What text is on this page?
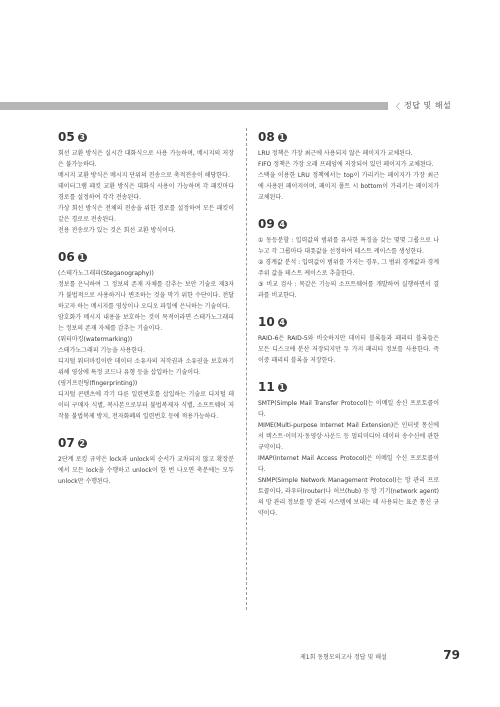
〈 정답 및 해설
05 3
회선 교환 방식은 실시간 대화식으로 사용 가능하며, 메시지의 저장은 불가능하다.
메시지 교환 방식은 메시지 단위의 전송으로 축적전송이 해당한다.
데이터그램 패킷 교환 방식은 대화식 사용이 가능하며 각 패킷마다 경로를 설정하여 각각 전송된다.
가상 회선 방식은 전체의 전송을 위한 경로를 설정하여 모든 패킷이 같은 경로로 전송된다.
전용 전송로가 있는 것은 회선 교환 방식이다.
06 1
(스테가노그래피(Steganography))
정보를 은닉하여 그 정보의 존재 자체를 감추는 보안 기술로 제3자가 불법적으로 사용하거나 변조하는 것을 막기 위한 수단이다. 전달하고자 하는 메시지를 영상이나 오디오 파일에 은닉하는 기술이다.
암호화가 메시지 내용을 보호하는 것이 목적이라면 스테가노그래피는 정보의 존재 자체를 감추는 기술이다.
(워터마킹(watermarking))
스테가노그래피 기능을 사용한다.
디지털 워터마킹이란 데이터 소유자의 저작권과 소유권을 보호하기 위해 영상에 특정 코드나 유형 등을 삽입하는 기술이다.
(핑거프린팅(fingerprinting))
디지털 콘텐츠에 각기 다른 일련번호를 삽입하는 기술로 디지털 데이터 구매자 식별, 복사본으로부터 불법복제자 식별, 소프트웨어 저작물 불법복제 방지, 전자화폐의 일련번호 등에 적용가능하다.
07 2
2단계 로킹 규약은 lock과 unlock의 순서가 교차되지 않고 확장분에서 모든 lock을 수행하고 unlock이 한 번 나오면 축분에는 모두 unlock만 수행된다.
08 1
LRU 정책은 가장 최근에 사용되지 않은 페이지가 교체된다.
FIFO 정책은 가장 오래 프레임에 저장되어 있던 페이지가 교체된다.
스택을 이용한 LRU 정책에서는 top이 가리키는 페이지가 가장 최근에 사용된 페이지이며, 페이지 폴트 시 bottom이 가리키는 페이지가 교체된다.
09 4
① 동등분할 : 입력값의 범위를 유사한 특징을 갖는 몇몇 그룹으로 나누고 각 그룹마다 대푯값을 선정하여 테스트 케이스를 생성한다.
② 경계값 분석 : 입력값이 범위를 가지는 경우, 그 범위 경계값과 경계 주위 값을 테스트 케이스로 추출한다.
③ 비교 검사 : 목같은 기능의 소프트웨어를 개발하여 실행하면서 결과를 비교한다.
10 4
RAID-6은 RAID-5와 비슷하지만 데이터 블록들과 패리티 블록들은 모든 디스크에 분산 저장되지만 두 가지 패리티 정보를 사용한다. 즉 이중 패리티 블록을 저장한다.
11 1
SMTP(Simple Mail Transfer Protocol)는 이메일 송신 프로토콜이다.
MIME(Multi-purpose Internet Mail Extension)은 인터넷 몽신에서 텍스트·이미지·동영상·사운드 등 멀티미디어 데이터 송수신에 관한 규약이다.
IMAP(Internet Mail Access Protocol)은 이메일 수신 프로토콜이다.
SNMP(Simple Network Management Protocol)는 망 관리 프로토콜이다, 라우터(router)나 허브(hub) 등 망 기기(network agent)의 망 관리 정보를 망 관리 시스템에 보내는 데 사용되는 표준 통신 규약이다.
제1회 동형모의고사 정답 및 해설	79
